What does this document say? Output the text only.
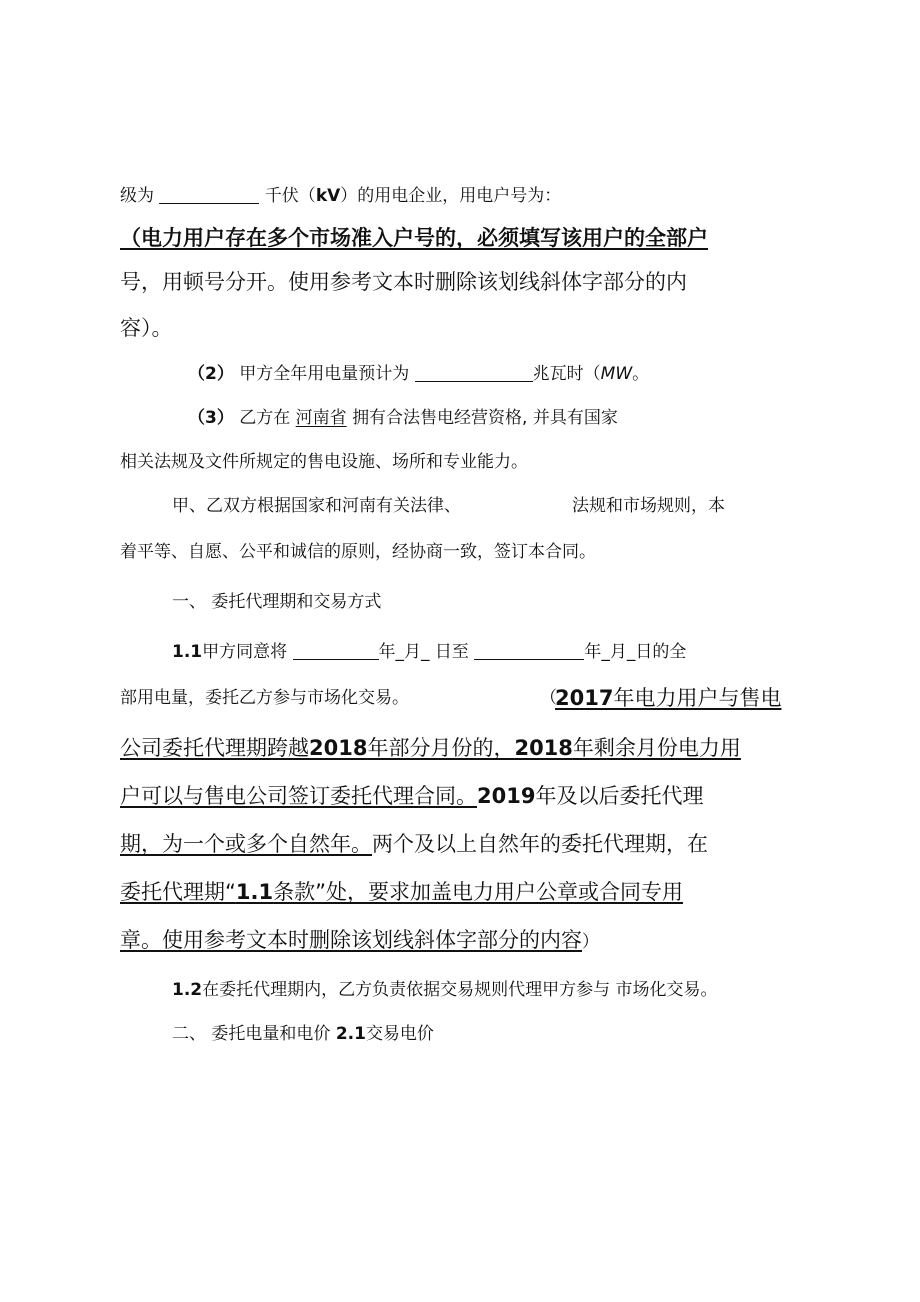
级为	千伏（kV）的用电企业，用电户号为：
（电力用户存在多个市场准入户号的，必须填写该用户的全部户
号，用顿号分开。使用参考文本时删除该划线斜体字部分的内
容）。
（2） 甲方全年用电量预计为	兆瓦时（MW。
（3） 乙方在 河南省 拥有合法售电经营资格, 并具有国家
相关法规及文件所规定的售电设施、场所和专业能力。
甲、乙双方根据国家和河南有关法律、	法规和市场规则，本
着平等、自愿、公平和诚信的原则，经协商一致，签订本合同。
一、 委托代理期和交易方式
1.1甲方同意将	年_月_ 日至	年_月_日的全
部用电量，委托乙方参与市场化交易。	（
2017年电力用户与售电
公司委托代理期跨越2018年部分月份的，2018年剩余月份电力用
户可以与售电公司签订委托代理合同。2019年及以后委托代理
期，为一个或多个自然年。两个及以上自然年的委托代理期，在
委托代理期“1.1条款”处，要求加盖电力用户公章或合同专用
章。使用参考文本时删除该划线斜体字部分的内容）
1.2在委托代理期内，乙方负责依据交易规则代理甲方参与 市场化交易。
二、 委托电量和电价 2.1交易电价
